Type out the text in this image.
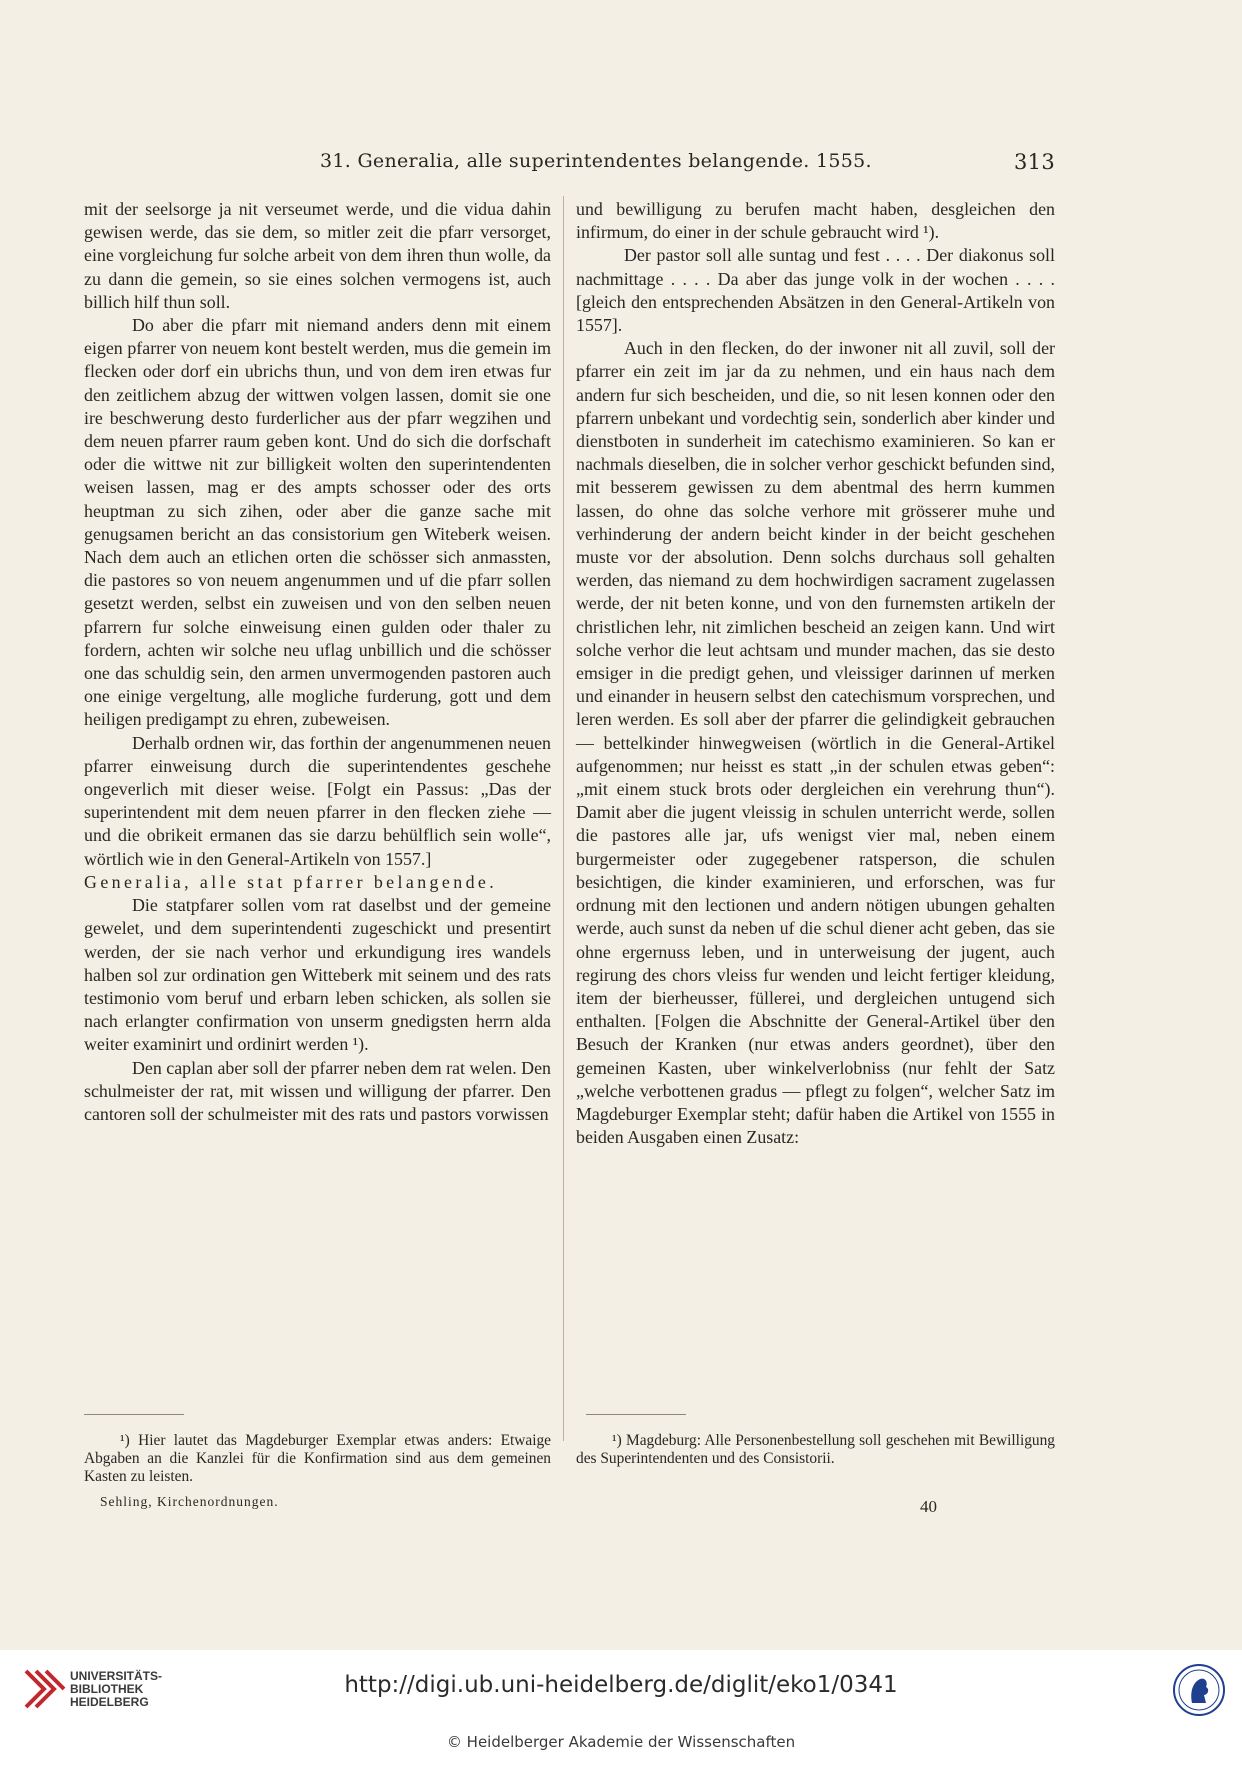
31. Generalia, alle superintendentes belangende. 1555.	313

mit der seelsorge ja nit verseumet werde, und die vidua dahin gewisen werde, das sie dem, so mitler zeit die pfarr versorget, eine vorgleichung fur solche arbeit von dem ihren thun wolle, da zu dann die gemein, so sie eines solchen vermogens ist, auch billich hilf thun soll.

Do aber die pfarr mit niemand anders denn mit einem eigen pfarrer von neuem kont bestelt werden, mus die gemein im flecken oder dorf ein ubrichs thun, und von dem iren etwas fur den zeitlichem abzug der wittwen volgen lassen, domit sie one ire beschwerung desto furderlicher aus der pfarr wegzihen und dem neuen pfarrer raum geben kont. Und do sich die dorfschaft oder die wittwe nit zur billigkeit wolten den superintendenten weisen lassen, mag er des ampts schosser oder des orts heuptman zu sich zihen, oder aber die ganze sache mit genugsamen bericht an das consistorium gen Witeberk weisen. Nach dem auch an etlichen orten die schösser sich anmassten, die pastores so von neuem angenummen und uf die pfarr sollen gesetzt werden, selbst ein zuweisen und von den selben neuen pfarrern fur solche einweisung einen gulden oder thaler zu fordern, achten wir solche neu uflag unbillich und die schösser one das schuldig sein, den armen unvermogenden pastoren auch one einige vergeltung, alle mogliche furderung, gott und dem heiligen predigampt zu ehren, zubeweisen.

Derhalb ordnen wir, das forthin der angenummenen neuen pfarrer einweisung durch die superintendentes geschehe ongeverlich mit dieser weise. [Folgt ein Passus: „Das der superintendent mit dem neuen pfarrer in den flecken ziehe — und die obrikeit ermanen das sie darzu behülflich sein wolle“, wörtlich wie in den General-Artikeln von 1557.]

Generalia, alle stat pfarrer belangende.

Die statpfarer sollen vom rat daselbst und der gemeine gewelet, und dem superintendenti zugeschickt und presentirt werden, der sie nach verhor und erkundigung ires wandels halben sol zur ordination gen Witteberk mit seinem und des rats testimonio vom beruf und erbarn leben schicken, als sollen sie nach erlangter confirmation von unserm gnedigsten herrn alda weiter examinirt und ordinirt werden ¹).

Den caplan aber soll der pfarrer neben dem rat welen. Den schulmeister der rat, mit wissen und willigung der pfarrer. Den cantoren soll der schulmeister mit des rats und pastors vorwissen

und bewilligung zu berufen macht haben, desgleichen den infirmum, do einer in der schule gebraucht wird ¹).

Der pastor soll alle suntag und fest . . . . Der diakonus soll nachmittage . . . . Da aber das junge volk in der wochen . . . . [gleich den entsprechenden Absätzen in den General-Artikeln von 1557].

Auch in den flecken, do der inwoner nit all zuvil, soll der pfarrer ein zeit im jar da zu nehmen, und ein haus nach dem andern fur sich bescheiden, und die, so nit lesen konnen oder den pfarrern unbekant und vordechtig sein, sonderlich aber kinder und dienstboten in sunderheit im catechismo examinieren. So kan er nachmals dieselben, die in solcher verhor geschickt befunden sind, mit besserem gewissen zu dem abentmal des herrn kummen lassen, do ohne das solche verhore mit grösserer muhe und verhinderung der andern beicht kinder in der beicht geschehen muste vor der absolution. Denn solchs durchaus soll gehalten werden, das niemand zu dem hochwirdigen sacrament zugelassen werde, der nit beten konne, und von den furnemsten artikeln der christlichen lehr, nit zimlichen bescheid an zeigen kann. Und wirt solche verhor die leut achtsam und munder machen, das sie desto emsiger in die predigt gehen, und vleissiger darinnen uf merken und einander in heusern selbst den catechismum vorsprechen, und leren werden. Es soll aber der pfarrer die gelindigkeit gebrauchen — bettelkinder hinwegweisen (wörtlich in die General-Artikel aufgenommen; nur heisst es statt „in der schulen etwas geben“: „mit einem stuck brots oder dergleichen ein verehrung thun“). Damit aber die jugent vleissig in schulen unterricht werde, sollen die pastores alle jar, ufs wenigst vier mal, neben einem burgermeister oder zugegebener ratsperson, die schulen besichtigen, die kinder examinieren, und erforschen, was fur ordnung mit den lectionen und andern nötigen ubungen gehalten werde, auch sunst da neben uf die schul diener acht geben, das sie ohne ergernuss leben, und in unterweisung der jugent, auch regirung des chors vleiss fur wenden und leicht fertiger kleidung, item der bierheusser, füllerei, und dergleichen untugend sich enthalten. [Folgen die Abschnitte der General-Artikel über den Besuch der Kranken (nur etwas anders geordnet), über den gemeinen Kasten, uber winkelverlobniss (nur fehlt der Satz „welche verbottenen gradus — pflegt zu folgen“, welcher Satz im Magdeburger Exemplar steht; dafür haben die Artikel von 1555 in beiden Ausgaben einen Zusatz:

¹) Hier lautet das Magdeburger Exemplar etwas anders: Etwaige Abgaben an die Kanzlei für die Konfirmation sind aus dem gemeinen Kasten zu leisten.
¹) Magdeburg: Alle Personenbestellung soll geschehen mit Bewilligung des Superintendenten und des Consistorii.
Sehling, Kirchenordnungen.	40
UNIVERSITÄTS-
BIBLIOTHEK
HEIDELBERG
http://digi.ub.uni-heidelberg.de/diglit/eko1/0341
© Heidelberger Akademie der Wissenschaften
